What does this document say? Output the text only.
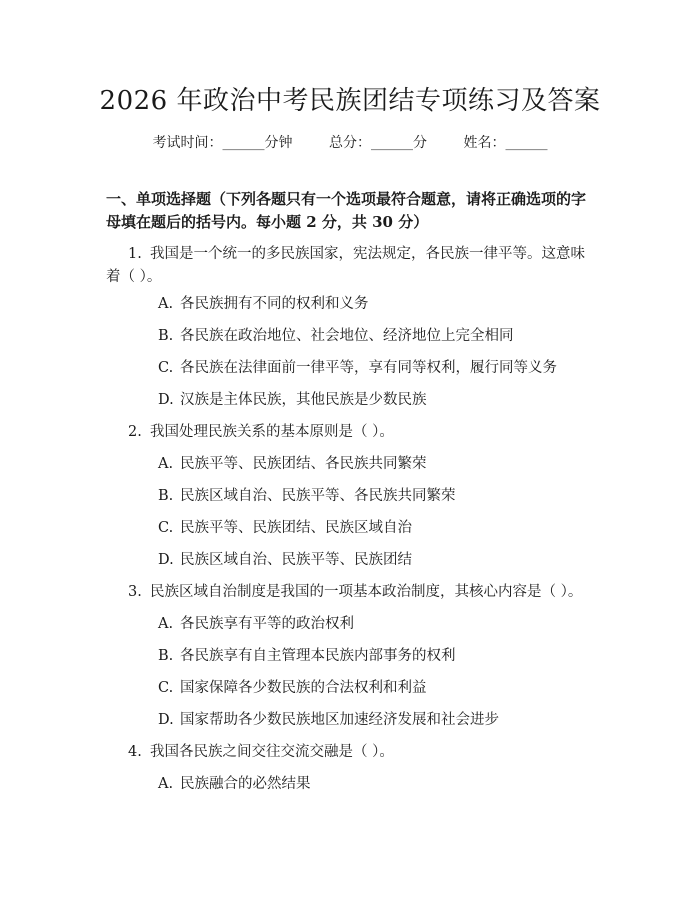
2026 年政治中考民族团结专项练习及答案
考试时间：______分钟	总分：______分	姓名：______
一、单项选择题（下列各题只有一个选项最符合题意，请将正确选项的字母填在题后的括号内。每小题 2 分，共 30 分）
1. 我国是一个统一的多民族国家，宪法规定，各民族一律平等。这意味着（ ）。
A. 各民族拥有不同的权利和义务
B. 各民族在政治地位、社会地位、经济地位上完全相同
C. 各民族在法律面前一律平等，享有同等权利，履行同等义务
D. 汉族是主体民族，其他民族是少数民族
2. 我国处理民族关系的基本原则是（ ）。
A. 民族平等、民族团结、各民族共同繁荣
B. 民族区域自治、民族平等、各民族共同繁荣
C. 民族平等、民族团结、民族区域自治
D. 民族区域自治、民族平等、民族团结
3. 民族区域自治制度是我国的一项基本政治制度，其核心内容是（ ）。
A. 各民族享有平等的政治权利
B. 各民族享有自主管理本民族内部事务的权利
C. 国家保障各少数民族的合法权利和利益
D. 国家帮助各少数民族地区加速经济发展和社会进步
4. 我国各民族之间交往交流交融是（ ）。
A. 民族融合的必然结果
